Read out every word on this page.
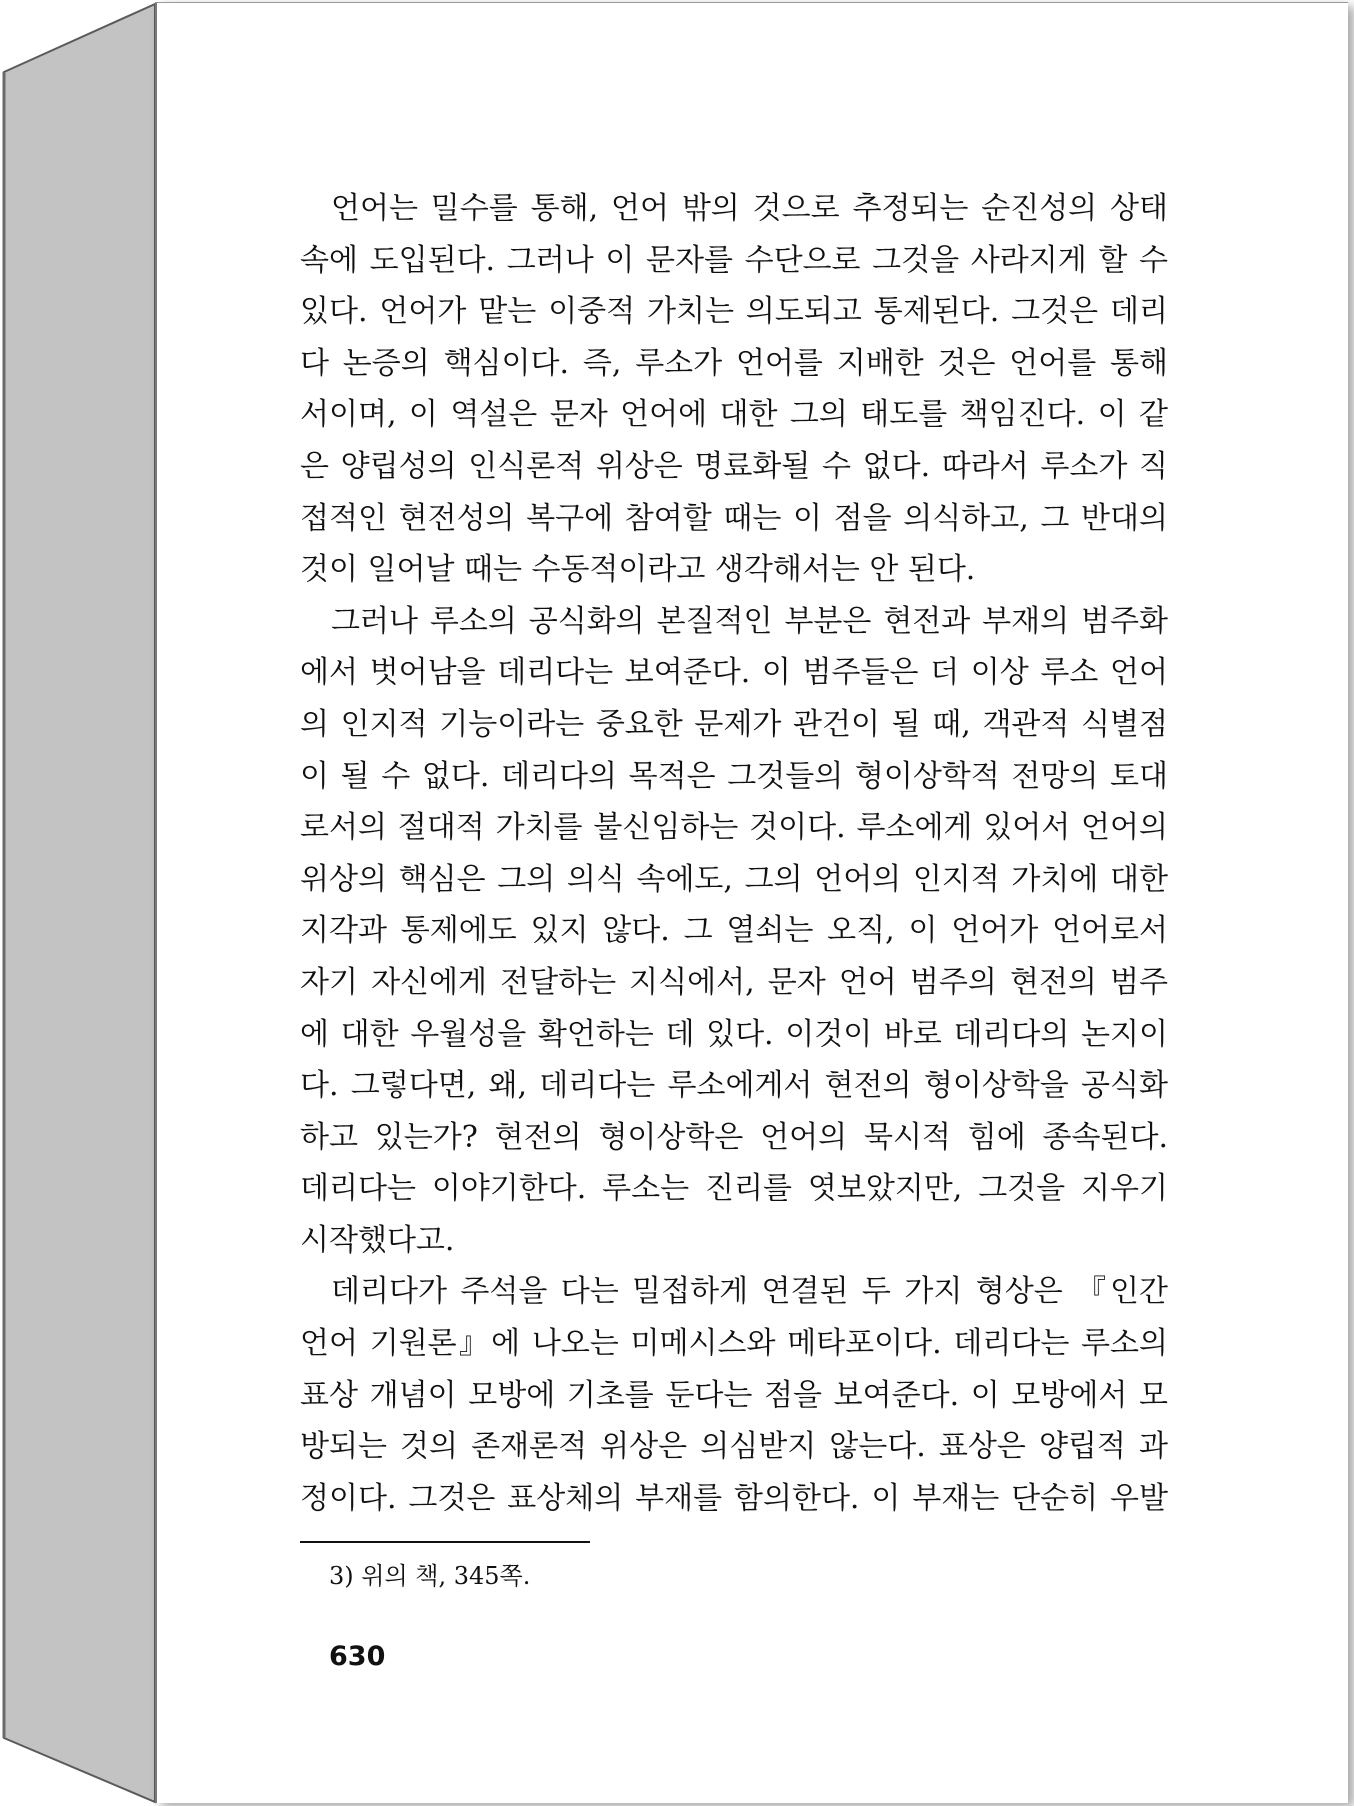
언어는 밀수를 통해, 언어 밖의 것으로 추정되는 순진성의 상태
속에 도입된다. 그러나 이 문자를 수단으로 그것을 사라지게 할 수
있다. 언어가 맡는 이중적 가치는 의도되고 통제된다. 그것은 데리
다 논증의 핵심이다. 즉, 루소가 언어를 지배한 것은 언어를 통해
서이며, 이 역설은 문자 언어에 대한 그의 태도를 책임진다. 이 같
은 양립성의 인식론적 위상은 명료화될 수 없다. 따라서 루소가 직
접적인 현전성의 복구에 참여할 때는 이 점을 의식하고, 그 반대의
것이 일어날 때는 수동적이라고 생각해서는 안 된다.

그러나 루소의 공식화의 본질적인 부분은 현전과 부재의 범주화
에서 벗어남을 데리다는 보여준다. 이 범주들은 더 이상 루소 언어
의 인지적 기능이라는 중요한 문제가 관건이 될 때, 객관적 식별점
이 될 수 없다. 데리다의 목적은 그것들의 형이상학적 전망의 토대
로서의 절대적 가치를 불신임하는 것이다. 루소에게 있어서 언어의
위상의 핵심은 그의 의식 속에도, 그의 언어의 인지적 가치에 대한
지각과 통제에도 있지 않다. 그 열쇠는 오직, 이 언어가 언어로서
자기 자신에게 전달하는 지식에서, 문자 언어 범주의 현전의 범주
에 대한 우월성을 확언하는 데 있다. 이것이 바로 데리다의 논지이
다. 그렇다면, 왜, 데리다는 루소에게서 현전의 형이상학을 공식화
하고 있는가? 현전의 형이상학은 언어의 묵시적 힘에 종속된다.
데리다는 이야기한다. 루소는 진리를 엿보았지만, 그것을 지우기
시작했다고.

데리다가 주석을 다는 밀접하게 연결된 두 가지 형상은 『인간
언어 기원론』에 나오는 미메시스와 메타포이다. 데리다는 루소의
표상 개념이 모방에 기초를 둔다는 점을 보여준다. 이 모방에서 모
방되는 것의 존재론적 위상은 의심받지 않는다. 표상은 양립적 과
정이다. 그것은 표상체의 부재를 함의한다. 이 부재는 단순히 우발

3) 위의 책, 345쪽.
630
